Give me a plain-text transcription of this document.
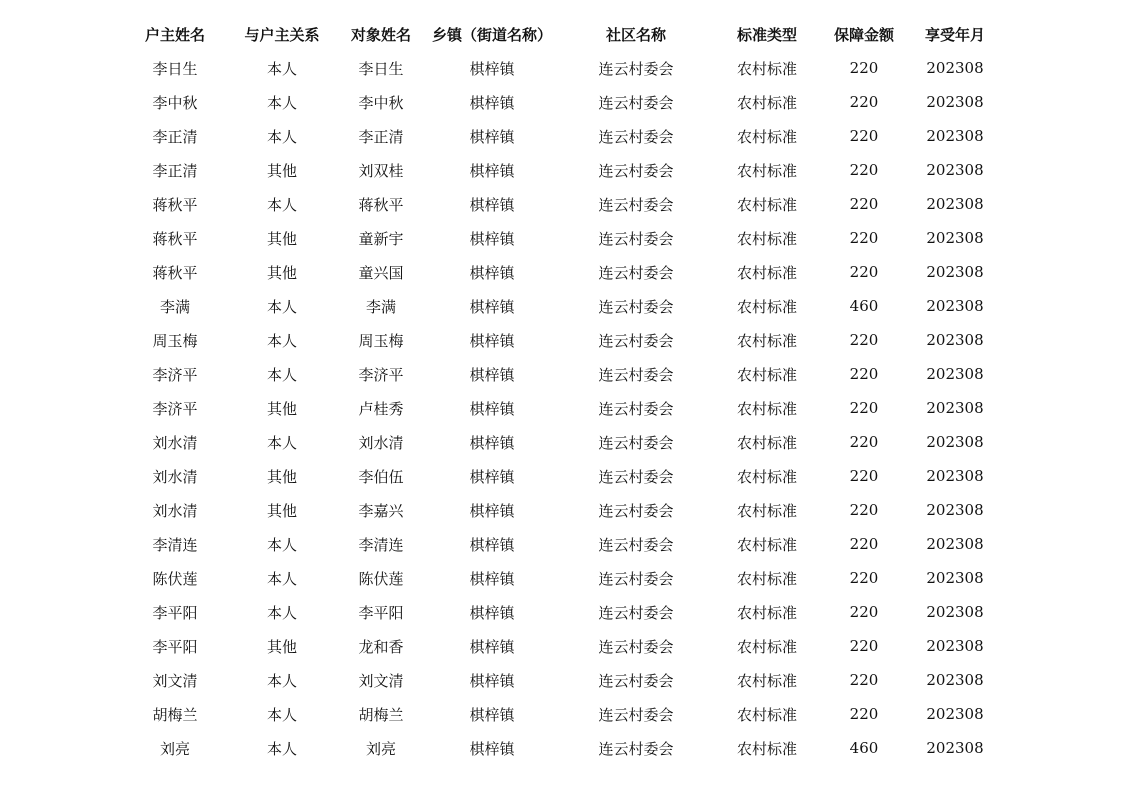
户主姓名	与户主关系	对象姓名	乡镇（街道名称）	社区名称	标准类型	保障金额	享受年月
李日生	本人	李日生	棋梓镇	连云村委会	农村标准	220	202308
李中秋	本人	李中秋	棋梓镇	连云村委会	农村标准	220	202308
李正清	本人	李正清	棋梓镇	连云村委会	农村标准	220	202308
李正清	其他	刘双桂	棋梓镇	连云村委会	农村标准	220	202308
蒋秋平	本人	蒋秋平	棋梓镇	连云村委会	农村标准	220	202308
蒋秋平	其他	童新宇	棋梓镇	连云村委会	农村标准	220	202308
蒋秋平	其他	童兴国	棋梓镇	连云村委会	农村标准	220	202308
李满	本人	李满	棋梓镇	连云村委会	农村标准	460	202308
周玉梅	本人	周玉梅	棋梓镇	连云村委会	农村标准	220	202308
李济平	本人	李济平	棋梓镇	连云村委会	农村标准	220	202308
李济平	其他	卢桂秀	棋梓镇	连云村委会	农村标准	220	202308
刘水清	本人	刘水清	棋梓镇	连云村委会	农村标准	220	202308
刘水清	其他	李伯伍	棋梓镇	连云村委会	农村标准	220	202308
刘水清	其他	李嘉兴	棋梓镇	连云村委会	农村标准	220	202308
李清连	本人	李清连	棋梓镇	连云村委会	农村标准	220	202308
陈伏莲	本人	陈伏莲	棋梓镇	连云村委会	农村标准	220	202308
李平阳	本人	李平阳	棋梓镇	连云村委会	农村标准	220	202308
李平阳	其他	龙和香	棋梓镇	连云村委会	农村标准	220	202308
刘文清	本人	刘文清	棋梓镇	连云村委会	农村标准	220	202308
胡梅兰	本人	胡梅兰	棋梓镇	连云村委会	农村标准	220	202308
刘亮	本人	刘亮	棋梓镇	连云村委会	农村标准	460	202308
